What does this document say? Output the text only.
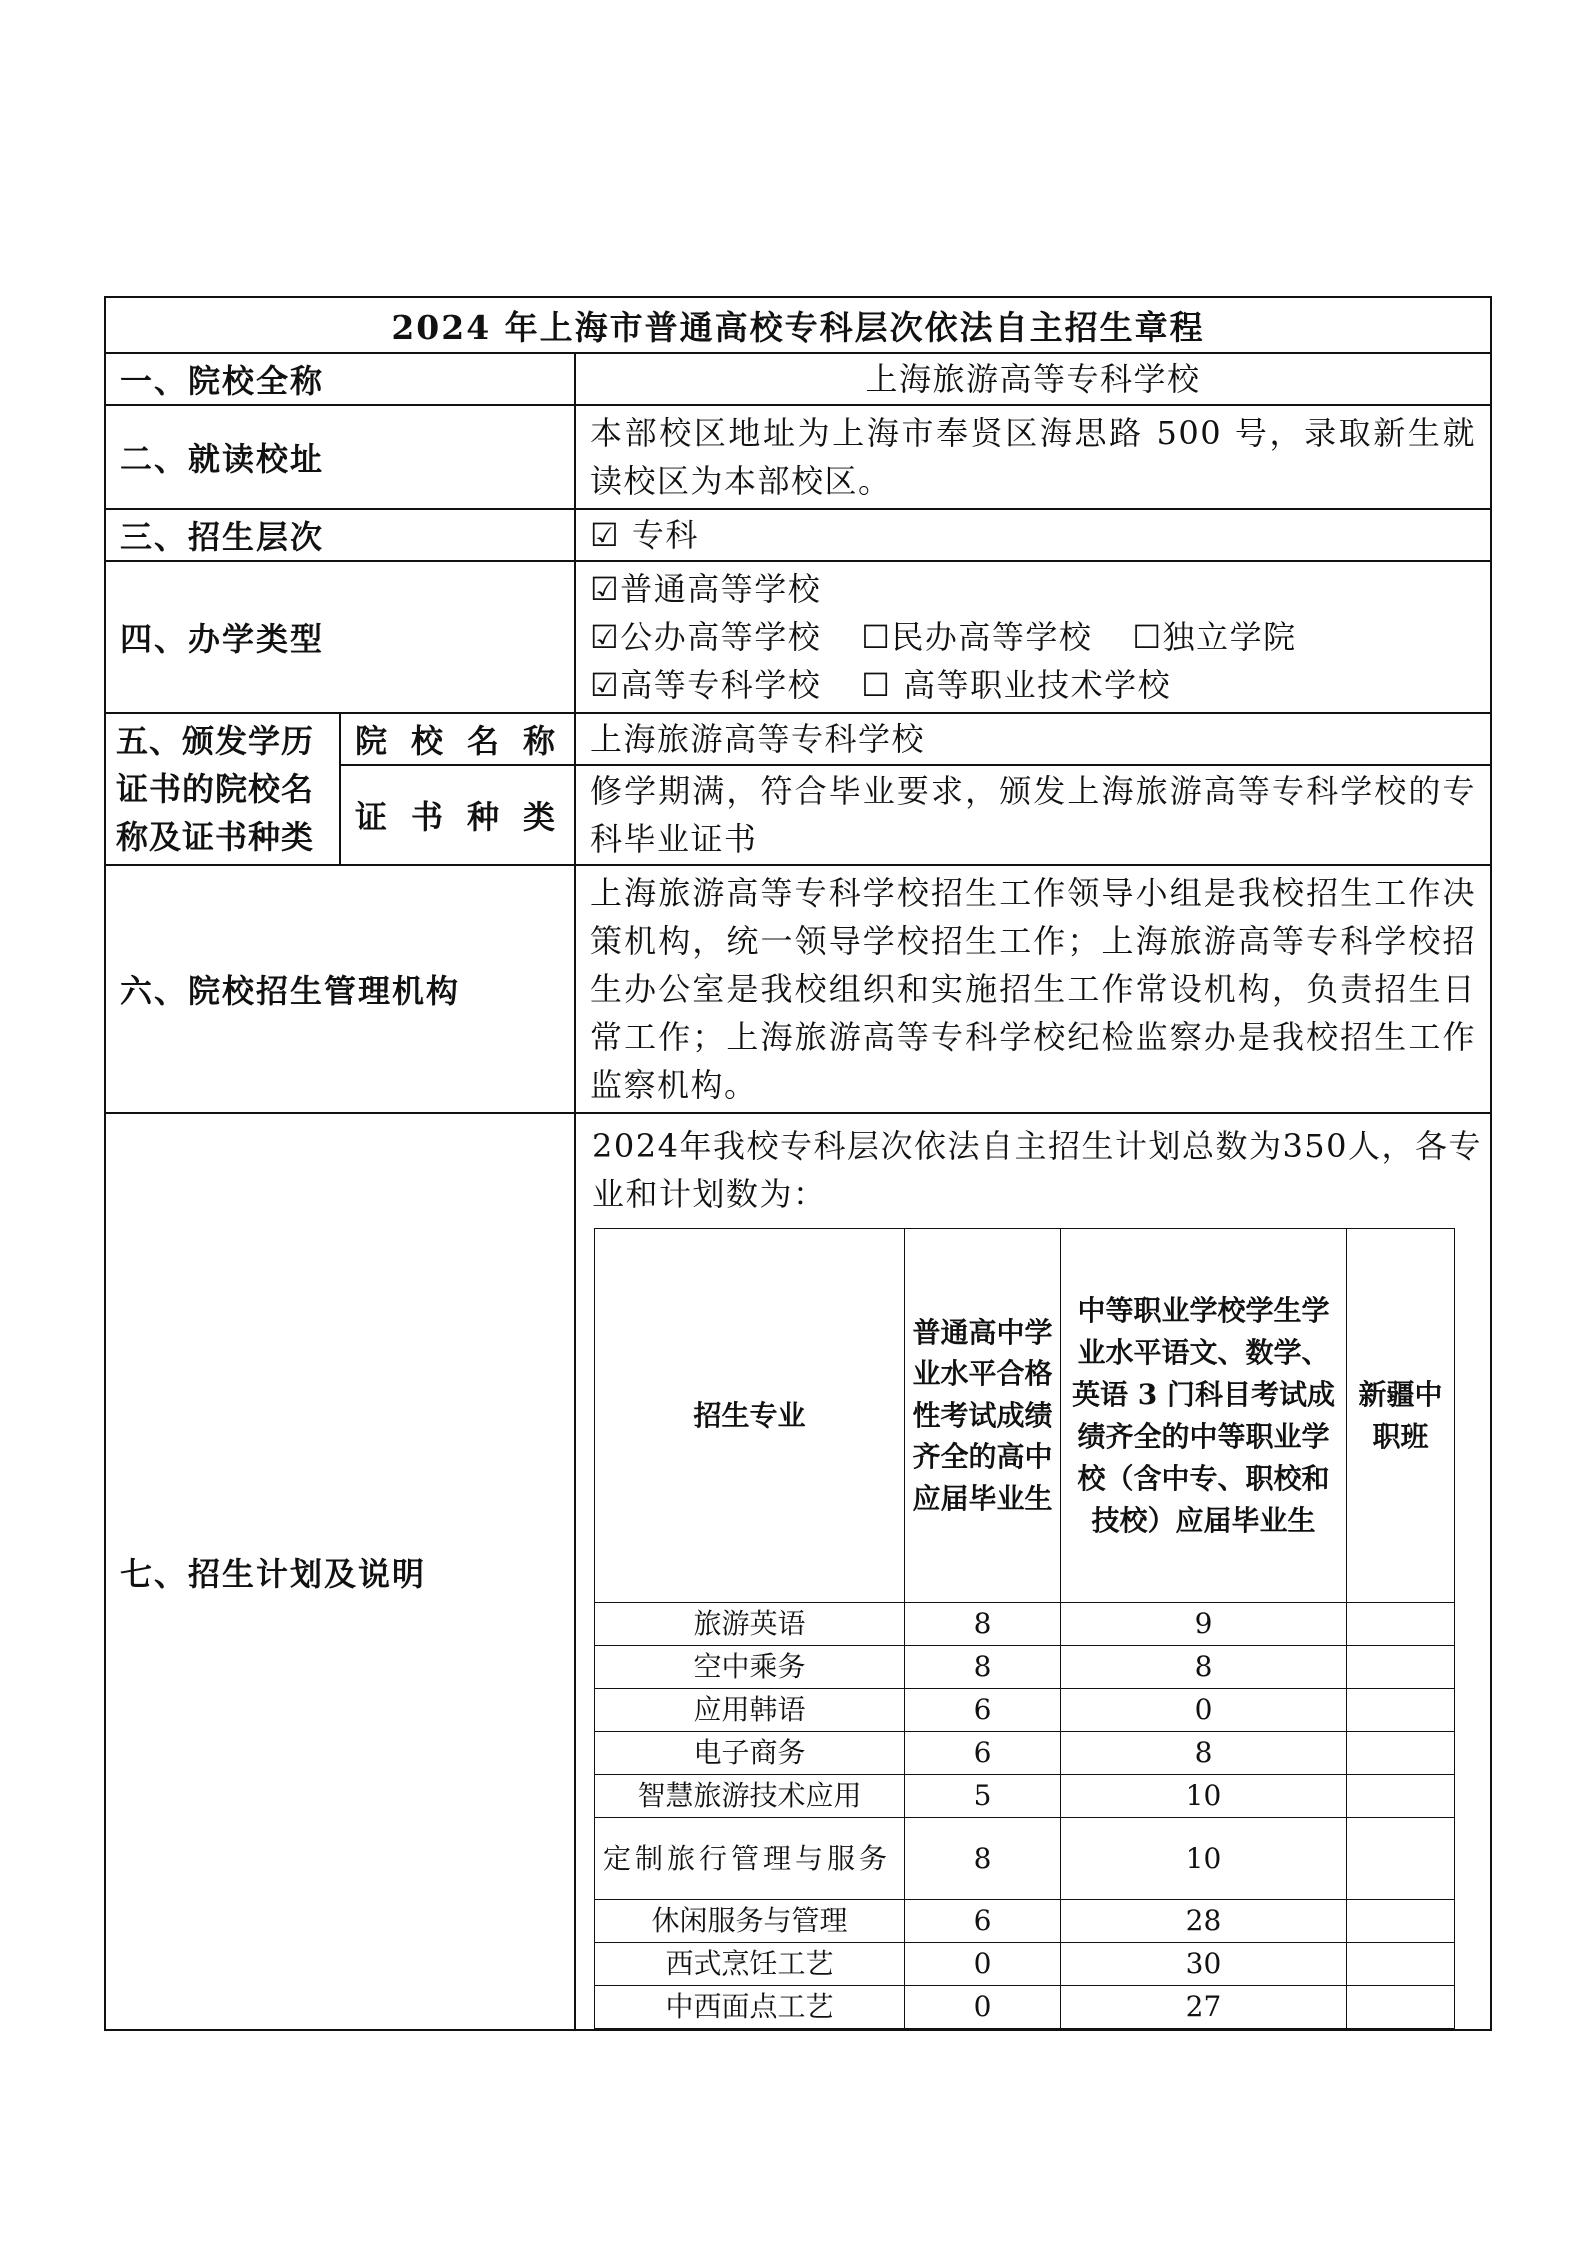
2024 年上海市普通高校专科层次依法自主招生章程
一、院校全称	上海旅游高等专科学校
二、就读校址	本部校区地址为上海市奉贤区海思路 500 号，录取新生就读校区为本部校区。
三、招生层次	☑ 专科
四、办学类型	
☑普通高等学校
☑公办高等学校 ☐民办高等学校 ☐独立学院
☑高等专科学校 ☐ 高等职业技术学校

五、颁发学历证书的院校名称及证书种类	院校名称	上海旅游高等专科学校
证书种类	修学期满，符合毕业要求，颁发上海旅游高等专科学校的专科毕业证书
六、院校招生管理机构	上海旅游高等专科学校招生工作领导小组是我校招生工作决策机构，统一领导学校招生工作；上海旅游高等专科学校招生办公室是我校组织和实施招生工作常设机构，负责招生日常工作；上海旅游高等专科学校纪检监察办是我校招生工作监察机构。
七、招生计划及说明	
2024年我校专科层次依法自主招生计划总数为350人，各专业和计划数为：
招生专业	普通高中学业水平合格性考试成绩齐全的高中应届毕业生	中等职业学校学生学业水平语文、数学、英语 3 门科目考试成绩齐全的中等职业学校（含中专、职校和技校）应届毕业生	新疆中职班
旅游英语	8	9	
空中乘务	8	8	
应用韩语	6	0	
电子商务	6	8	
智慧旅游技术应用	5	10	
定制旅行管理与服务	8	10	
休闲服务与管理	6	28	
西式烹饪工艺	0	30	
中西面点工艺	0	27	
